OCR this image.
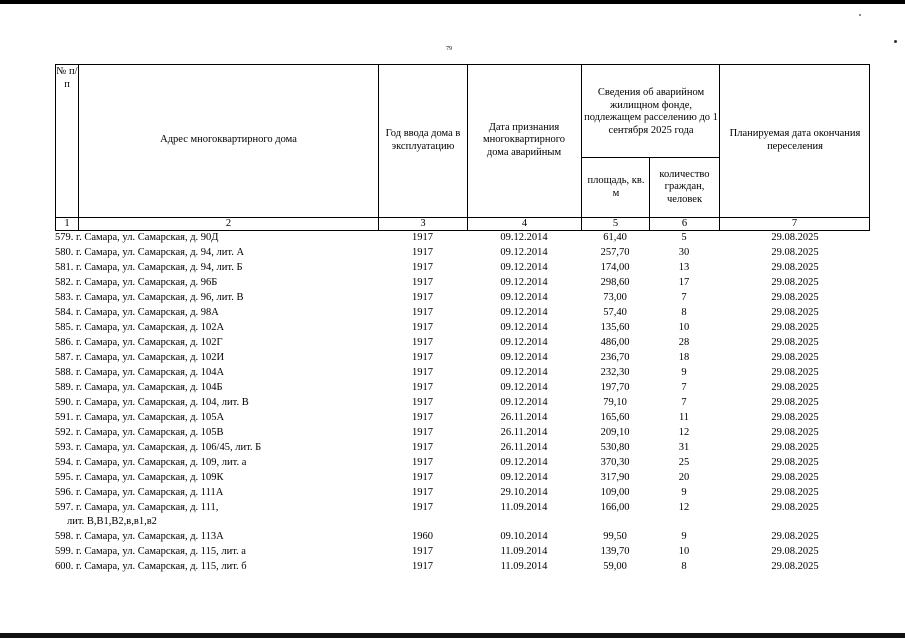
79
№ п/п
Адрес многоквартирного дома
Год ввода дома в эксплуатацию
Дата признания многоквартирного дома аварийным
Сведения об аварийном жилищном фонде, подлежащем расселению до 1 сентября 2025 года
площадь, кв. м
количество граждан, человек
Планируемая дата окончания переселения
1	2	3	4	5	6	7
579. г. Самара, ул. Самарская, д. 90Д	1917	09.12.2014	61,40	5	29.08.2025
580. г. Самара, ул. Самарская, д. 94, лит. А	1917	09.12.2014	257,70	30	29.08.2025
581. г. Самара, ул. Самарская, д. 94, лит. Б	1917	09.12.2014	174,00	13	29.08.2025
582. г. Самара, ул. Самарская, д. 96Б	1917	09.12.2014	298,60	17	29.08.2025
583. г. Самара, ул. Самарская, д. 96, лит. В	1917	09.12.2014	73,00	7	29.08.2025
584. г. Самара, ул. Самарская, д. 98А	1917	09.12.2014	57,40	8	29.08.2025
585. г. Самара, ул. Самарская, д. 102А	1917	09.12.2014	135,60	10	29.08.2025
586. г. Самара, ул. Самарская, д. 102Г	1917	09.12.2014	486,00	28	29.08.2025
587. г. Самара, ул. Самарская, д. 102И	1917	09.12.2014	236,70	18	29.08.2025
588. г. Самара, ул. Самарская, д. 104А	1917	09.12.2014	232,30	9	29.08.2025
589. г. Самара, ул. Самарская, д. 104Б	1917	09.12.2014	197,70	7	29.08.2025
590. г. Самара, ул. Самарская, д. 104, лит. В	1917	09.12.2014	79,10	7	29.08.2025
591. г. Самара, ул. Самарская, д. 105А	1917	26.11.2014	165,60	11	29.08.2025
592. г. Самара, ул. Самарская, д. 105В	1917	26.11.2014	209,10	12	29.08.2025
593. г. Самара, ул. Самарская, д. 106/45, лит. Б	1917	26.11.2014	530,80	31	29.08.2025
594. г. Самара, ул. Самарская, д. 109, лит. а	1917	09.12.2014	370,30	25	29.08.2025
595. г. Самара, ул. Самарская, д. 109К	1917	09.12.2014	317,90	20	29.08.2025
596. г. Самара, ул. Самарская, д. 111А	1917	29.10.2014	109,00	9	29.08.2025
597. г. Самара, ул. Самарская, д. 111,
лит. В,В1,В2,в,в1,в2
1917	11.09.2014	166,00	12	29.08.2025
598. г. Самара, ул. Самарская, д. 113А	1960	09.10.2014	99,50	9	29.08.2025
599. г. Самара, ул. Самарская, д. 115, лит. а	1917	11.09.2014	139,70	10	29.08.2025
600. г. Самара, ул. Самарская, д. 115, лит. б	1917	11.09.2014	59,00	8	29.08.2025
